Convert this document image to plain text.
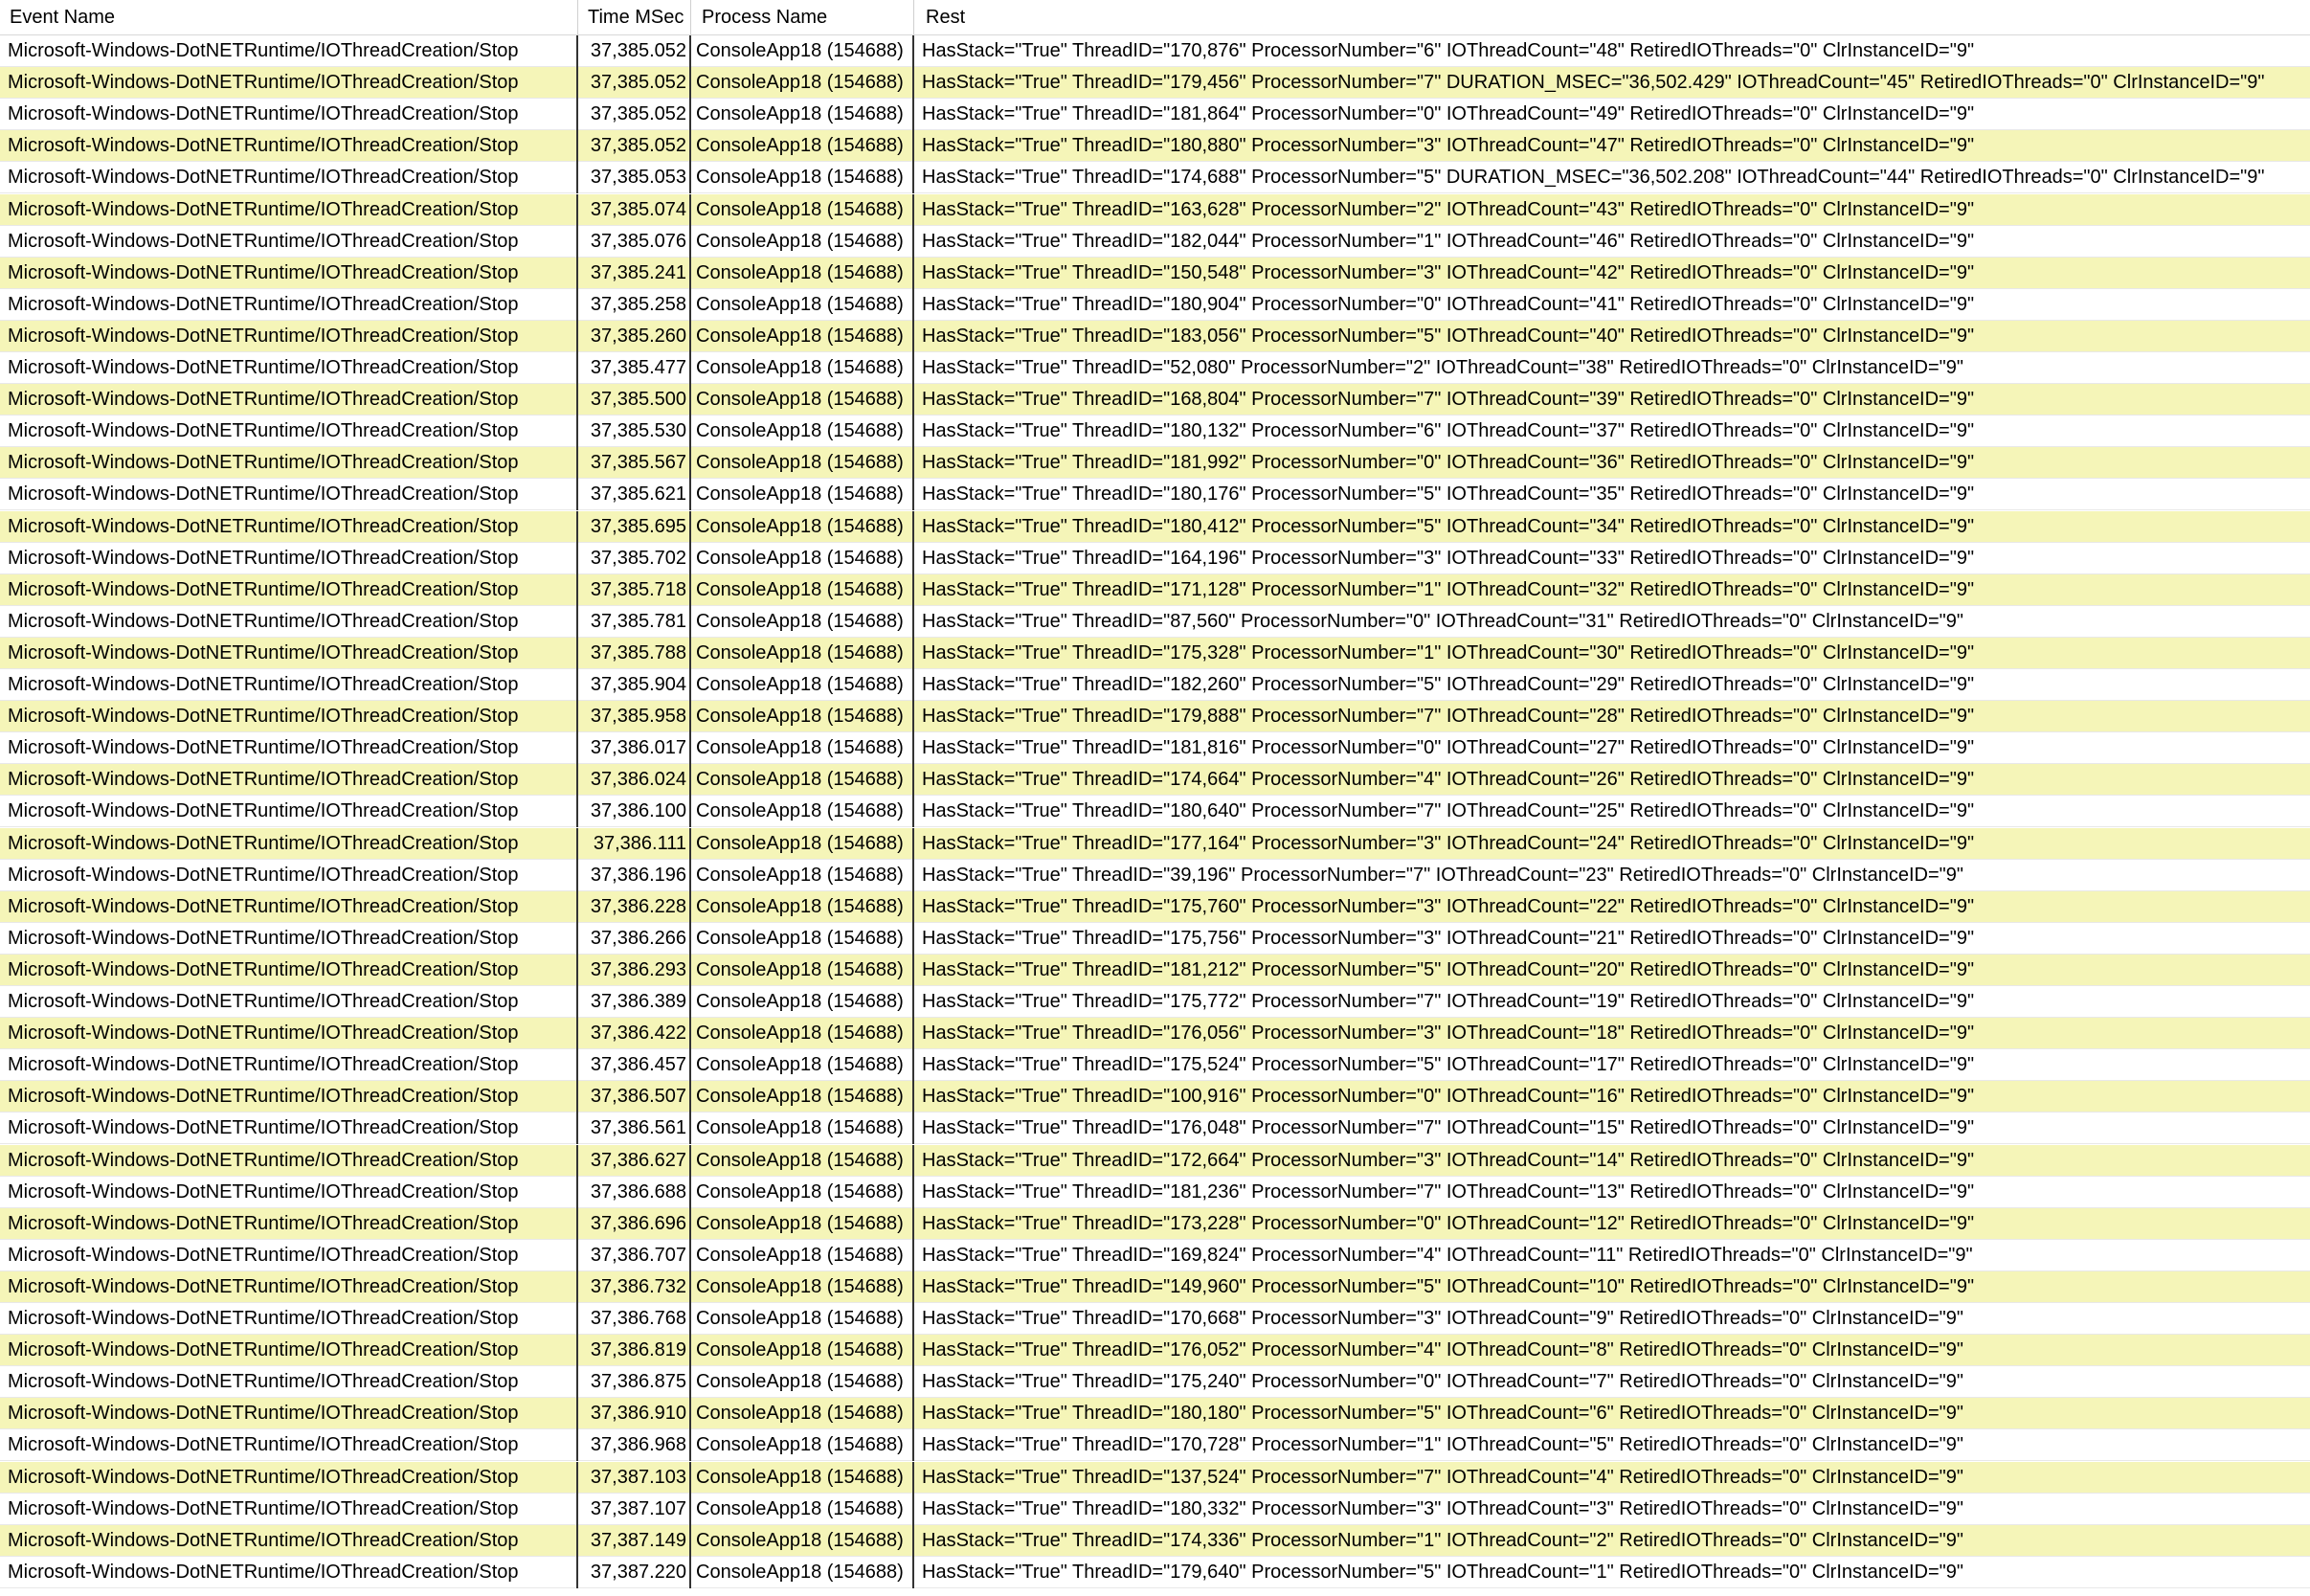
Event Name	Time MSec Process Name	Rest
Microsoft-Windows-DotNETRuntime/IOThreadCreation/Stop	37,385.052 ConsoleApp18 (154688) HasStack="True" ThreadID="170,876" ProcessorNumber="6" IOThreadCount="48" RetiredIOThreads="0" ClrInstanceID="9"
Microsoft-Windows-DotNETRuntime/IOThreadCreation/Stop	37,385.052 ConsoleApp18 (154688) HasStack="True" ThreadID="179,456" ProcessorNumber="7" DURATION_MSEC="36,502.429" IOThreadCount="45" RetiredIOThreads="0" ClrInstanceID="9"
Microsoft-Windows-DotNETRuntime/IOThreadCreation/Stop	37,385.052 ConsoleApp18 (154688) HasStack="True" ThreadID="181,864" ProcessorNumber="0" IOThreadCount="49" RetiredIOThreads="0" ClrInstanceID="9"
Microsoft-Windows-DotNETRuntime/IOThreadCreation/Stop	37,385.052 ConsoleApp18 (154688) HasStack="True" ThreadID="180,880" ProcessorNumber="3" IOThreadCount="47" RetiredIOThreads="0" ClrInstanceID="9"
Microsoft-Windows-DotNETRuntime/IOThreadCreation/Stop	37,385.053 ConsoleApp18 (154688) HasStack="True" ThreadID="174,688" ProcessorNumber="5" DURATION_MSEC="36,502.208" IOThreadCount="44" RetiredIOThreads="0" ClrInstanceID="9"
Microsoft-Windows-DotNETRuntime/IOThreadCreation/Stop	37,385.074 ConsoleApp18 (154688) HasStack="True" ThreadID="163,628" ProcessorNumber="2" IOThreadCount="43" RetiredIOThreads="0" ClrInstanceID="9"
Microsoft-Windows-DotNETRuntime/IOThreadCreation/Stop	37,385.076 ConsoleApp18 (154688) HasStack="True" ThreadID="182,044" ProcessorNumber="1" IOThreadCount="46" RetiredIOThreads="0" ClrInstanceID="9"
Microsoft-Windows-DotNETRuntime/IOThreadCreation/Stop	37,385.241 ConsoleApp18 (154688) HasStack="True" ThreadID="150,548" ProcessorNumber="3" IOThreadCount="42" RetiredIOThreads="0" ClrInstanceID="9"
Microsoft-Windows-DotNETRuntime/IOThreadCreation/Stop	37,385.258 ConsoleApp18 (154688) HasStack="True" ThreadID="180,904" ProcessorNumber="0" IOThreadCount="41" RetiredIOThreads="0" ClrInstanceID="9"
Microsoft-Windows-DotNETRuntime/IOThreadCreation/Stop	37,385.260 ConsoleApp18 (154688) HasStack="True" ThreadID="183,056" ProcessorNumber="5" IOThreadCount="40" RetiredIOThreads="0" ClrInstanceID="9"
Microsoft-Windows-DotNETRuntime/IOThreadCreation/Stop	37,385.477 ConsoleApp18 (154688) HasStack="True" ThreadID="52,080" ProcessorNumber="2" IOThreadCount="38" RetiredIOThreads="0" ClrInstanceID="9"
Microsoft-Windows-DotNETRuntime/IOThreadCreation/Stop	37,385.500 ConsoleApp18 (154688) HasStack="True" ThreadID="168,804" ProcessorNumber="7" IOThreadCount="39" RetiredIOThreads="0" ClrInstanceID="9"
Microsoft-Windows-DotNETRuntime/IOThreadCreation/Stop	37,385.530 ConsoleApp18 (154688) HasStack="True" ThreadID="180,132" ProcessorNumber="6" IOThreadCount="37" RetiredIOThreads="0" ClrInstanceID="9"
Microsoft-Windows-DotNETRuntime/IOThreadCreation/Stop	37,385.567 ConsoleApp18 (154688) HasStack="True" ThreadID="181,992" ProcessorNumber="0" IOThreadCount="36" RetiredIOThreads="0" ClrInstanceID="9"
Microsoft-Windows-DotNETRuntime/IOThreadCreation/Stop	37,385.621 ConsoleApp18 (154688) HasStack="True" ThreadID="180,176" ProcessorNumber="5" IOThreadCount="35" RetiredIOThreads="0" ClrInstanceID="9"
Microsoft-Windows-DotNETRuntime/IOThreadCreation/Stop	37,385.695 ConsoleApp18 (154688) HasStack="True" ThreadID="180,412" ProcessorNumber="5" IOThreadCount="34" RetiredIOThreads="0" ClrInstanceID="9"
Microsoft-Windows-DotNETRuntime/IOThreadCreation/Stop	37,385.702 ConsoleApp18 (154688) HasStack="True" ThreadID="164,196" ProcessorNumber="3" IOThreadCount="33" RetiredIOThreads="0" ClrInstanceID="9"
Microsoft-Windows-DotNETRuntime/IOThreadCreation/Stop	37,385.718 ConsoleApp18 (154688) HasStack="True" ThreadID="171,128" ProcessorNumber="1" IOThreadCount="32" RetiredIOThreads="0" ClrInstanceID="9"
Microsoft-Windows-DotNETRuntime/IOThreadCreation/Stop	37,385.781 ConsoleApp18 (154688) HasStack="True" ThreadID="87,560" ProcessorNumber="0" IOThreadCount="31" RetiredIOThreads="0" ClrInstanceID="9"
Microsoft-Windows-DotNETRuntime/IOThreadCreation/Stop	37,385.788 ConsoleApp18 (154688) HasStack="True" ThreadID="175,328" ProcessorNumber="1" IOThreadCount="30" RetiredIOThreads="0" ClrInstanceID="9"
Microsoft-Windows-DotNETRuntime/IOThreadCreation/Stop	37,385.904 ConsoleApp18 (154688) HasStack="True" ThreadID="182,260" ProcessorNumber="5" IOThreadCount="29" RetiredIOThreads="0" ClrInstanceID="9"
Microsoft-Windows-DotNETRuntime/IOThreadCreation/Stop	37,385.958 ConsoleApp18 (154688) HasStack="True" ThreadID="179,888" ProcessorNumber="7" IOThreadCount="28" RetiredIOThreads="0" ClrInstanceID="9"
Microsoft-Windows-DotNETRuntime/IOThreadCreation/Stop	37,386.017 ConsoleApp18 (154688) HasStack="True" ThreadID="181,816" ProcessorNumber="0" IOThreadCount="27" RetiredIOThreads="0" ClrInstanceID="9"
Microsoft-Windows-DotNETRuntime/IOThreadCreation/Stop	37,386.024 ConsoleApp18 (154688) HasStack="True" ThreadID="174,664" ProcessorNumber="4" IOThreadCount="26" RetiredIOThreads="0" ClrInstanceID="9"
Microsoft-Windows-DotNETRuntime/IOThreadCreation/Stop	37,386.100 ConsoleApp18 (154688) HasStack="True" ThreadID="180,640" ProcessorNumber="7" IOThreadCount="25" RetiredIOThreads="0" ClrInstanceID="9"
Microsoft-Windows-DotNETRuntime/IOThreadCreation/Stop	37,386.111 ConsoleApp18 (154688) HasStack="True" ThreadID="177,164" ProcessorNumber="3" IOThreadCount="24" RetiredIOThreads="0" ClrInstanceID="9"
Microsoft-Windows-DotNETRuntime/IOThreadCreation/Stop	37,386.196 ConsoleApp18 (154688) HasStack="True" ThreadID="39,196" ProcessorNumber="7" IOThreadCount="23" RetiredIOThreads="0" ClrInstanceID="9"
Microsoft-Windows-DotNETRuntime/IOThreadCreation/Stop	37,386.228 ConsoleApp18 (154688) HasStack="True" ThreadID="175,760" ProcessorNumber="3" IOThreadCount="22" RetiredIOThreads="0" ClrInstanceID="9"
Microsoft-Windows-DotNETRuntime/IOThreadCreation/Stop	37,386.266 ConsoleApp18 (154688) HasStack="True" ThreadID="175,756" ProcessorNumber="3" IOThreadCount="21" RetiredIOThreads="0" ClrInstanceID="9"
Microsoft-Windows-DotNETRuntime/IOThreadCreation/Stop	37,386.293 ConsoleApp18 (154688) HasStack="True" ThreadID="181,212" ProcessorNumber="5" IOThreadCount="20" RetiredIOThreads="0" ClrInstanceID="9"
Microsoft-Windows-DotNETRuntime/IOThreadCreation/Stop	37,386.389 ConsoleApp18 (154688) HasStack="True" ThreadID="175,772" ProcessorNumber="7" IOThreadCount="19" RetiredIOThreads="0" ClrInstanceID="9"
Microsoft-Windows-DotNETRuntime/IOThreadCreation/Stop	37,386.422 ConsoleApp18 (154688) HasStack="True" ThreadID="176,056" ProcessorNumber="3" IOThreadCount="18" RetiredIOThreads="0" ClrInstanceID="9"
Microsoft-Windows-DotNETRuntime/IOThreadCreation/Stop	37,386.457 ConsoleApp18 (154688) HasStack="True" ThreadID="175,524" ProcessorNumber="5" IOThreadCount="17" RetiredIOThreads="0" ClrInstanceID="9"
Microsoft-Windows-DotNETRuntime/IOThreadCreation/Stop	37,386.507 ConsoleApp18 (154688) HasStack="True" ThreadID="100,916" ProcessorNumber="0" IOThreadCount="16" RetiredIOThreads="0" ClrInstanceID="9"
Microsoft-Windows-DotNETRuntime/IOThreadCreation/Stop	37,386.561 ConsoleApp18 (154688) HasStack="True" ThreadID="176,048" ProcessorNumber="7" IOThreadCount="15" RetiredIOThreads="0" ClrInstanceID="9"
Microsoft-Windows-DotNETRuntime/IOThreadCreation/Stop	37,386.627 ConsoleApp18 (154688) HasStack="True" ThreadID="172,664" ProcessorNumber="3" IOThreadCount="14" RetiredIOThreads="0" ClrInstanceID="9"
Microsoft-Windows-DotNETRuntime/IOThreadCreation/Stop	37,386.688 ConsoleApp18 (154688) HasStack="True" ThreadID="181,236" ProcessorNumber="7" IOThreadCount="13" RetiredIOThreads="0" ClrInstanceID="9"
Microsoft-Windows-DotNETRuntime/IOThreadCreation/Stop	37,386.696 ConsoleApp18 (154688) HasStack="True" ThreadID="173,228" ProcessorNumber="0" IOThreadCount="12" RetiredIOThreads="0" ClrInstanceID="9"
Microsoft-Windows-DotNETRuntime/IOThreadCreation/Stop	37,386.707 ConsoleApp18 (154688) HasStack="True" ThreadID="169,824" ProcessorNumber="4" IOThreadCount="11" RetiredIOThreads="0" ClrInstanceID="9"
Microsoft-Windows-DotNETRuntime/IOThreadCreation/Stop	37,386.732 ConsoleApp18 (154688) HasStack="True" ThreadID="149,960" ProcessorNumber="5" IOThreadCount="10" RetiredIOThreads="0" ClrInstanceID="9"
Microsoft-Windows-DotNETRuntime/IOThreadCreation/Stop	37,386.768 ConsoleApp18 (154688) HasStack="True" ThreadID="170,668" ProcessorNumber="3" IOThreadCount="9" RetiredIOThreads="0" ClrInstanceID="9"
Microsoft-Windows-DotNETRuntime/IOThreadCreation/Stop	37,386.819 ConsoleApp18 (154688) HasStack="True" ThreadID="176,052" ProcessorNumber="4" IOThreadCount="8" RetiredIOThreads="0" ClrInstanceID="9"
Microsoft-Windows-DotNETRuntime/IOThreadCreation/Stop	37,386.875 ConsoleApp18 (154688) HasStack="True" ThreadID="175,240" ProcessorNumber="0" IOThreadCount="7" RetiredIOThreads="0" ClrInstanceID="9"
Microsoft-Windows-DotNETRuntime/IOThreadCreation/Stop	37,386.910 ConsoleApp18 (154688) HasStack="True" ThreadID="180,180" ProcessorNumber="5" IOThreadCount="6" RetiredIOThreads="0" ClrInstanceID="9"
Microsoft-Windows-DotNETRuntime/IOThreadCreation/Stop	37,386.968 ConsoleApp18 (154688) HasStack="True" ThreadID="170,728" ProcessorNumber="1" IOThreadCount="5" RetiredIOThreads="0" ClrInstanceID="9"
Microsoft-Windows-DotNETRuntime/IOThreadCreation/Stop	37,387.103 ConsoleApp18 (154688) HasStack="True" ThreadID="137,524" ProcessorNumber="7" IOThreadCount="4" RetiredIOThreads="0" ClrInstanceID="9"
Microsoft-Windows-DotNETRuntime/IOThreadCreation/Stop	37,387.107 ConsoleApp18 (154688) HasStack="True" ThreadID="180,332" ProcessorNumber="3" IOThreadCount="3" RetiredIOThreads="0" ClrInstanceID="9"
Microsoft-Windows-DotNETRuntime/IOThreadCreation/Stop	37,387.149 ConsoleApp18 (154688) HasStack="True" ThreadID="174,336" ProcessorNumber="1" IOThreadCount="2" RetiredIOThreads="0" ClrInstanceID="9"
Microsoft-Windows-DotNETRuntime/IOThreadCreation/Stop	37,387.220 ConsoleApp18 (154688) HasStack="True" ThreadID="179,640" ProcessorNumber="5" IOThreadCount="1" RetiredIOThreads="0" ClrInstanceID="9"
